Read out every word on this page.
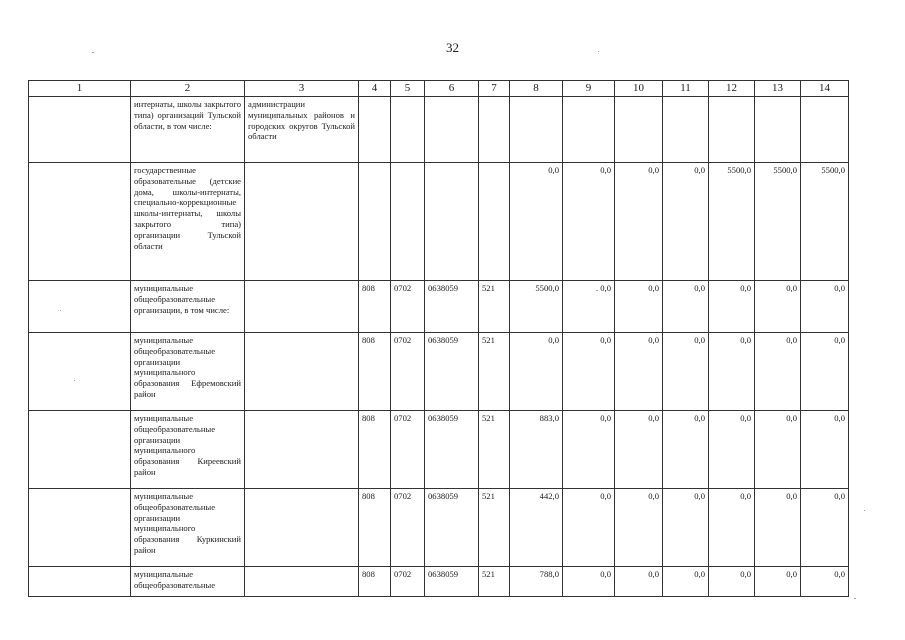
32
1	2	3	4	5	6	7	8	9	10	11	12	13	14
	интернаты, школы закрытого типа) организаций Тульской области, в том числе:	администрации муниципальных районов и городских округов Тульской области											
	государственные образовательные (детские дома, школы-интернаты, специально-коррекционные школы-интернаты, школы закрытого типа) организации Тульской области						0,0	0,0	0,0	0,0	5500,0	5500,0	5500,0
	муниципальные общеобразовательные организации, в том числе:		808	0702	0638059	521	5500,0	. 0,0	0,0	0,0	0,0	0,0	0,0
	муниципальные общеобразовательные организации муниципального образования Ефремовский район		808	0702	0638059	521	0,0	0,0	0,0	0,0	0,0	0,0	0,0
	муниципальные общеобразовательные организации муниципального образования Киреевский район		808	0702	0638059	521	883,0	0,0	0,0	0,0	0,0	0,0	0,0
	муниципальные общеобразовательные организации муниципального образования Куркинский район		808	0702	0638059	521	442,0	0,0	0,0	0,0	0,0	0,0	0,0
	муниципальные общеобразовательные		808	0702	0638059	521	788,0	0,0	0,0	0,0	0,0	0,0	0,0
